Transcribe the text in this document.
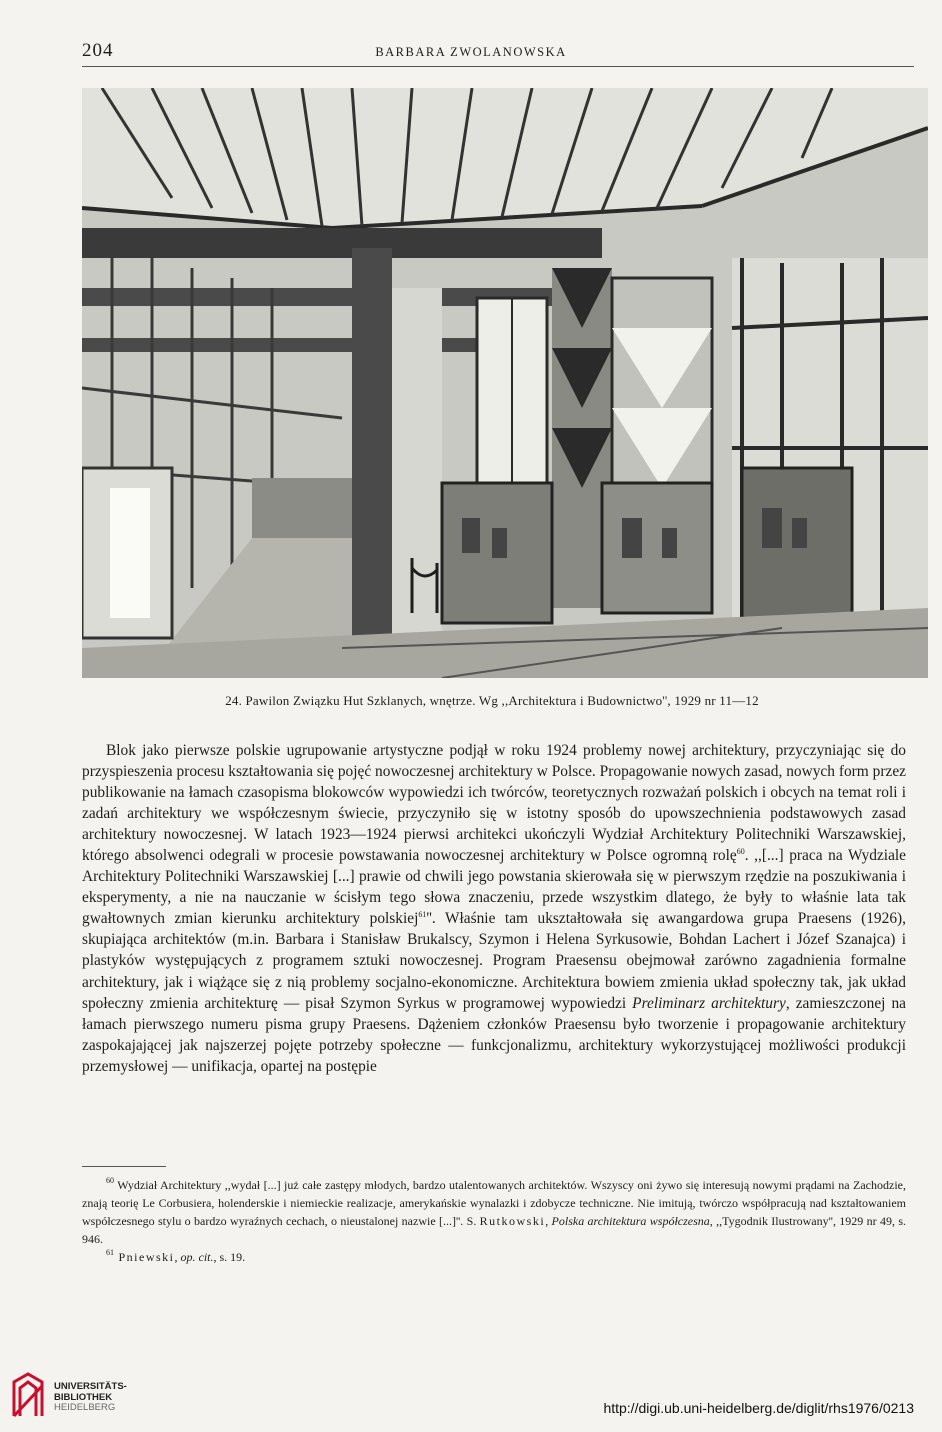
204	BARBARA ZWOLANOWSKA
24. Pawilon Związku Hut Szklanych, wnętrze. Wg ,,Architektura i Budownictwo'', 1929 nr 11—12

Blok jako pierwsze polskie ugrupowanie artystyczne podjął w roku 1924 problemy nowej architektury, przyczyniając się do przyspieszenia procesu kształtowania się pojęć nowoczesnej architektury w Polsce. Propagowanie nowych zasad, nowych form przez publikowanie na łamach czasopisma blokowców wypowiedzi ich twórców, teoretycznych rozważań polskich i obcych na temat roli i zadań architektury we współczesnym świecie, przyczyniło się w istotny sposób do upowszechnienia podstawowych zasad architektury nowoczesnej. W latach 1923—1924 pierwsi architekci ukończyli Wydział Architektury Politechniki Warszawskiej, którego absolwenci odegrali w procesie powstawania nowoczesnej architektury w Polsce ogromną rolę$^{60}$. ,,[...] praca na Wydziale Architektury Politechniki Warszawskiej [...] prawie od chwili jego powstania skierowała się w pierwszym rzędzie na poszukiwania i eksperymenty, a nie na nauczanie w ścisłym tego słowa znaczeniu, przede wszystkim dlatego, że były to właśnie lata tak gwałtownych zmian kierunku architektury polskiej$^{61}$''. Właśnie tam ukształtowała się awangardowa grupa Praesens (1926), skupiająca architektów (m.in. Barbara i Stanisław Brukalscy, Szymon i Helena Syrkusowie, Bohdan Lachert i Józef Szanajca) i plastyków występujących z programem sztuki nowoczesnej. Program Praesensu obejmował zarówno zagadnienia formalne architektury, jak i wiążące się z nią problemy socjalno-ekonomiczne. Architektura bowiem zmienia układ społeczny tak, jak układ społeczny zmienia architekturę — pisał Szymon Syrkus w programowej wypowiedzi Preliminarz architektury, zamieszczonej na łamach pierwszego numeru pisma grupy Praesens. Dążeniem członków Praesensu było tworzenie i propagowanie architektury zaspokajającej jak najszerzej pojęte potrzeby społeczne — funkcjonalizmu, architektury wykorzystującej możliwości produkcji przemysłowej — unifikacja, opartej na postępie

$^{60}$ Wydział Architektury ,,wydał [...] już całe zastępy młodych, bardzo utalentowanych architektów. Wszyscy oni żywo się interesują nowymi prądami na Zachodzie, znają teorię Le Corbusiera, holenderskie i niemieckie realizacje, amerykańskie wynalazki i zdobycze techniczne. Nie imitują, twórczo współpracują nad kształtowaniem współczesnego stylu o bardzo wyraźnych cechach, o nieustalonej nazwie [...]''. S. Rutkowski, Polska architektura współczesna, ,,Tygodnik Ilustrowany'', 1929 nr 49, s. 946.

$^{61}$ Pniewski, op. cit., s. 19.

UNIVERSITÄTS-
BIBLIOTHEK
HEIDELBERG	http://digi.ub.uni-heidelberg.de/diglit/rhs1976/0213
